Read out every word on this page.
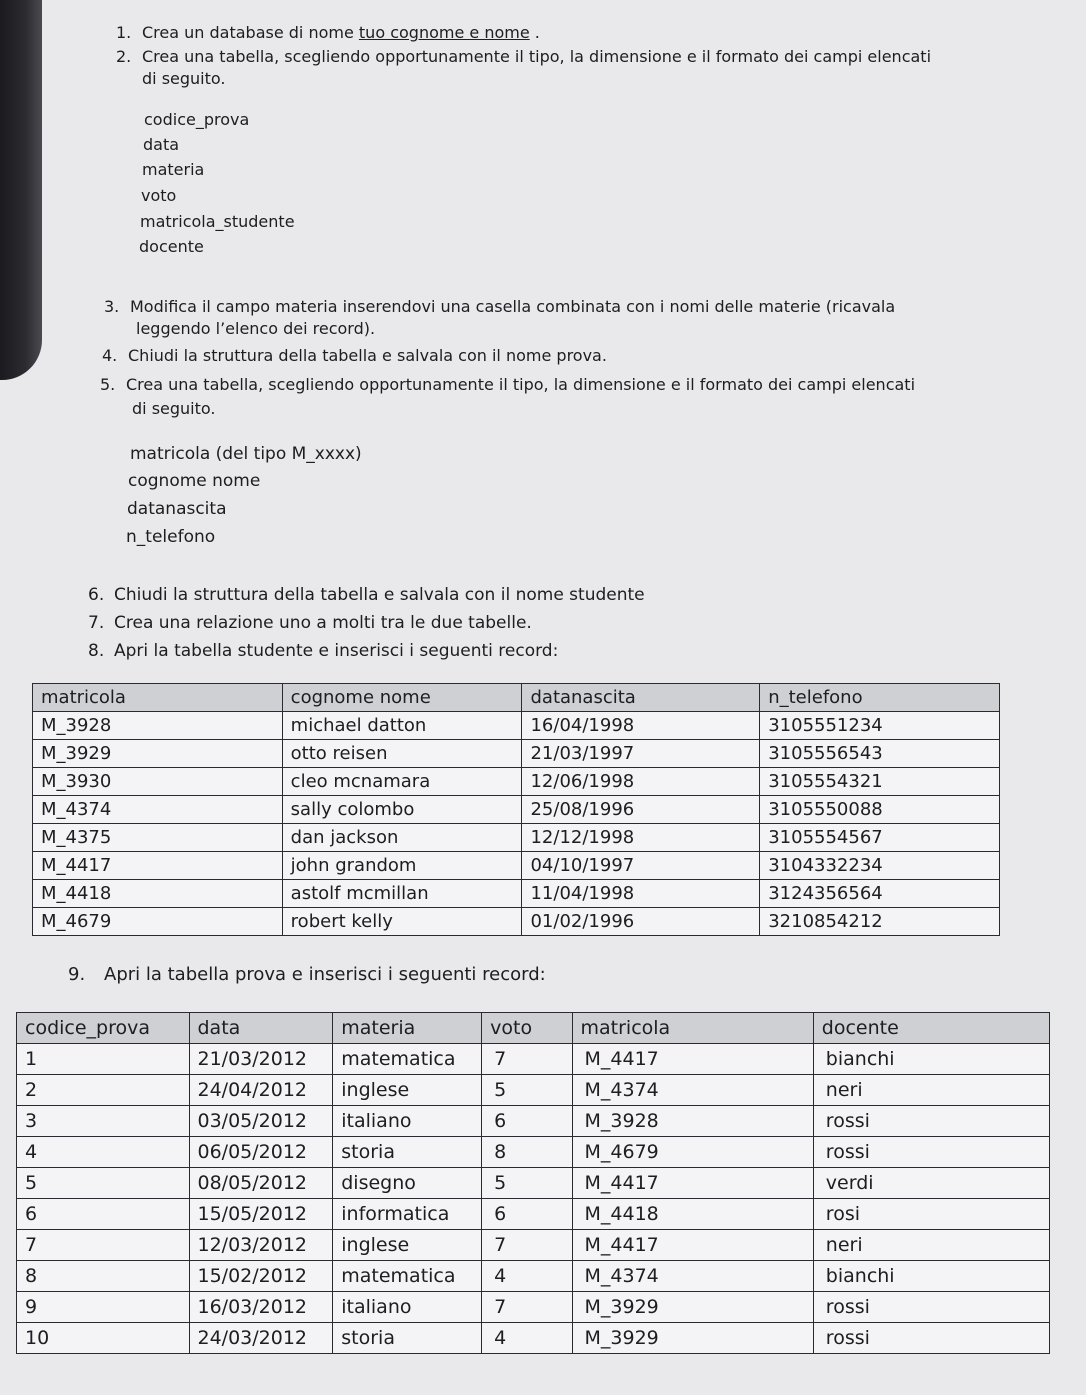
1. Crea un database di nome tuo cognome e nome .
2. Crea una tabella, scegliendo opportunamente il tipo, la dimensione e il formato dei campi elencati
di seguito.
codice_prova
data
materia
voto
matricola_studente
docente
3. Modifica il campo materia inserendovi una casella combinata con i nomi delle materie (ricavala
leggendo l’elenco dei record).
4. Chiudi la struttura della tabella e salvala con il nome prova.
5. Crea una tabella, scegliendo opportunamente il tipo, la dimensione e il formato dei campi elencati
di seguito.
matricola (del tipo M_xxxx)
cognome nome
datanascita
n_telefono
6. Chiudi la struttura della tabella e salvala con il nome studente
7. Crea una relazione uno a molti tra le due tabelle.
8. Apri la tabella studente e inserisci i seguenti record:
matricola	cognome nome	datanascita	n_telefono
M_3928	michael datton	16/04/1998	3105551234
M_3929	otto reisen	21/03/1997	3105556543
M_3930	cleo mcnamara	12/06/1998	3105554321
M_4374	sally colombo	25/08/1996	3105550088
M_4375	dan jackson	12/12/1998	3105554567
M_4417	john grandom	04/10/1997	3104332234
M_4418	astolf mcmillan	11/04/1998	3124356564
M_4679	robert kelly	01/02/1996	3210854212
9. Apri la tabella prova e inserisci i seguenti record:
codice_prova	data	materia	voto	matricola	docente
1	21/03/2012	matematica	7	M_4417	bianchi
2	24/04/2012	inglese	5	M_4374	neri
3	03/05/2012	italiano	6	M_3928	rossi
4	06/05/2012	storia	8	M_4679	rossi
5	08/05/2012	disegno	5	M_4417	verdi
6	15/05/2012	informatica	6	M_4418	rosi
7	12/03/2012	inglese	7	M_4417	neri
8	15/02/2012	matematica	4	M_4374	bianchi
9	16/03/2012	italiano	7	M_3929	rossi
10	24/03/2012	storia	4	M_3929	rossi
